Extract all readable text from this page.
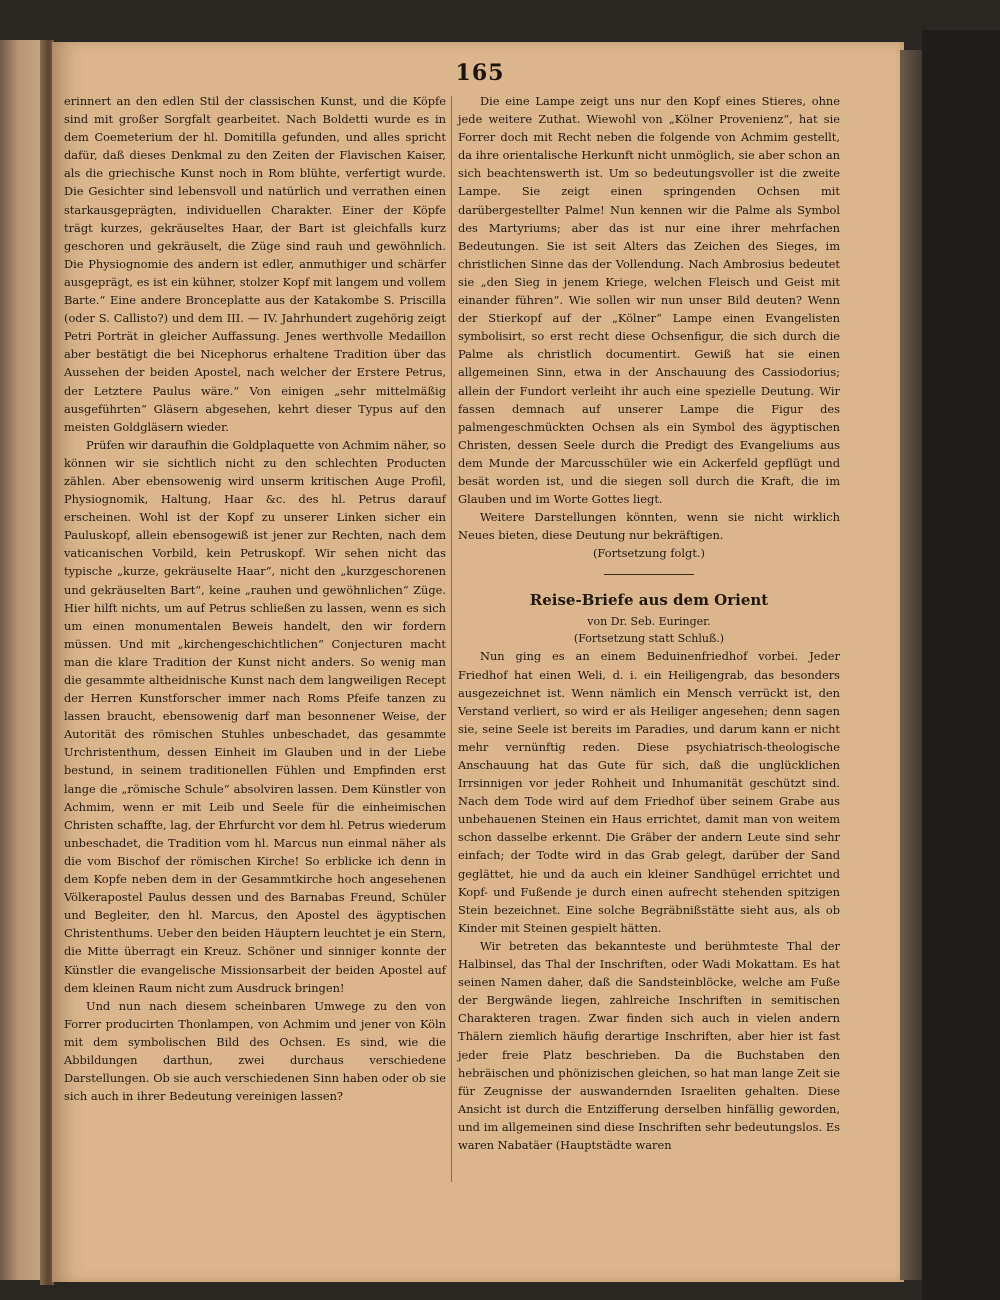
165

erinnert an den edlen Stil der classischen Kunst, und die Köpfe sind mit großer Sorgfalt gearbeitet. Nach Boldetti wurde es in dem Coemeterium der hl. Domitilla gefunden, und alles spricht dafür, daß dieses Denkmal zu den Zeiten der Flavischen Kaiser, als die griechische Kunst noch in Rom blühte, verfertigt wurde. Die Gesichter sind lebensvoll und natürlich und verrathen einen starkausgeprägten, individuellen Charakter. Einer der Köpfe trägt kurzes, gekräuseltes Haar, der Bart ist gleichfalls kurz geschoren und gekräuselt, die Züge sind rauh und gewöhnlich. Die Physiognomie des andern ist edler, anmuthiger und schärfer ausgeprägt, es ist ein kühner, stolzer Kopf mit langem und vollem Barte.“ Eine andere Bronceplatte aus der Katakombe S. Priscilla (oder S. Callisto?) und dem III. — IV. Jahrhundert zugehörig zeigt Petri Porträt in gleicher Auffassung. Jenes werthvolle Medaillon aber bestätigt die bei Nicephorus erhaltene Tradition über das Aussehen der beiden Apostel, nach welcher der Erstere Petrus, der Letztere Paulus wäre.“ Von einigen „sehr mittelmäßig ausgeführten“ Gläsern abgesehen, kehrt dieser Typus auf den meisten Goldgläsern wieder.

Prüfen wir daraufhin die Goldplaquette von Achmim näher, so können wir sie sichtlich nicht zu den schlechten Producten zählen. Aber ebensowenig wird unserm kritischen Auge Profil, Physiognomik, Haltung, Haar &c. des hl. Petrus darauf erscheinen. Wohl ist der Kopf zu unserer Linken sicher ein Pauluskopf, allein ebensogewiß ist jener zur Rechten, nach dem vaticanischen Vorbild, kein Petruskopf. Wir sehen nicht das typische „kurze, gekräuselte Haar“, nicht den „kurzgeschorenen und gekräuselten Bart“, keine „rauhen und gewöhnlichen“ Züge. Hier hilft nichts, um auf Petrus schließen zu lassen, wenn es sich um einen monumentalen Beweis handelt, den wir fordern müssen. Und mit „kirchengeschichtlichen“ Conjecturen macht man die klare Tradition der Kunst nicht anders. So wenig man die gesammte altheidnische Kunst nach dem langweiligen Recept der Herren Kunstforscher immer nach Roms Pfeife tanzen zu lassen braucht, ebensowenig darf man besonnener Weise, der Autorität des römischen Stuhles unbeschadet, das gesammte Urchristenthum, dessen Einheit im Glauben und in der Liebe bestund, in seinem traditionellen Fühlen und Empfinden erst lange die „römische Schule“ absolviren lassen. Dem Künstler von Achmim, wenn er mit Leib und Seele für die einheimischen Christen schaffte, lag, der Ehrfurcht vor dem hl. Petrus wiederum unbeschadet, die Tradition vom hl. Marcus nun einmal näher als die vom Bischof der römischen Kirche! So erblicke ich denn in dem Kopfe neben dem in der Gesammtkirche hoch angesehenen Völkerapostel Paulus dessen und des Barnabas Freund, Schüler und Begleiter, den hl. Marcus, den Apostel des ägyptischen Christenthums. Ueber den beiden Häuptern leuchtet je ein Stern, die Mitte überragt ein Kreuz. Schöner und sinniger konnte der Künstler die evangelische Missionsarbeit der beiden Apostel auf dem kleinen Raum nicht zum Ausdruck bringen!

Und nun nach diesem scheinbaren Umwege zu den von Forrer producirten Thonlampen, von Achmim und jener von Köln mit dem symbolischen Bild des Ochsen. Es sind, wie die Abbildungen darthun, zwei durchaus verschiedene Darstellungen. Ob sie auch verschiedenen Sinn haben oder ob sie sich auch in ihrer Bedeutung vereinigen lassen?

Die eine Lampe zeigt uns nur den Kopf eines Stieres, ohne jede weitere Zuthat. Wiewohl von „Kölner Provenienz“, hat sie Forrer doch mit Recht neben die folgende von Achmim gestellt, da ihre orientalische Herkunft nicht unmöglich, sie aber schon an sich beachtenswerth ist. Um so bedeutungsvoller ist die zweite Lampe. Sie zeigt einen springenden Ochsen mit darübergestellter Palme! Nun kennen wir die Palme als Symbol des Martyriums; aber das ist nur eine ihrer mehrfachen Bedeutungen. Sie ist seit Alters das Zeichen des Sieges, im christlichen Sinne das der Vollendung. Nach Ambrosius bedeutet sie „den Sieg in jenem Kriege, welchen Fleisch und Geist mit einander führen“. Wie sollen wir nun unser Bild deuten? Wenn der Stierkopf auf der „Kölner“ Lampe einen Evangelisten symbolisirt, so erst recht diese Ochsenfigur, die sich durch die Palme als christlich documentirt. Gewiß hat sie einen allgemeinen Sinn, etwa in der Anschauung des Cassiodorius; allein der Fundort verleiht ihr auch eine spezielle Deutung. Wir fassen demnach auf unserer Lampe die Figur des palmengeschmückten Ochsen als ein Symbol des ägyptischen Christen, dessen Seele durch die Predigt des Evangeliums aus dem Munde der Marcusschüler wie ein Ackerfeld gepflügt und besät worden ist, und die siegen soll durch die Kraft, die im Glauben und im Worte Gottes liegt.

Weitere Darstellungen könnten, wenn sie nicht wirklich Neues bieten, diese Deutung nur bekräftigen.

(Fortsetzung folgt.)

Reise-Briefe aus dem Orient
von Dr. Seb. Euringer.
(Fortsetzung statt Schluß.)

Nun ging es an einem Beduinenfriedhof vorbei. Jeder Friedhof hat einen Weli, d. i. ein Heiligengrab, das besonders ausgezeichnet ist. Wenn nämlich ein Mensch verrückt ist, den Verstand verliert, so wird er als Heiliger angesehen; denn sagen sie, seine Seele ist bereits im Paradies, und darum kann er nicht mehr vernünftig reden. Diese psychiatrisch-theologische Anschauung hat das Gute für sich, daß die unglücklichen Irrsinnigen vor jeder Rohheit und Inhumanität geschützt sind. Nach dem Tode wird auf dem Friedhof über seinem Grabe aus unbehauenen Steinen ein Haus errichtet, damit man von weitem schon dasselbe erkennt. Die Gräber der andern Leute sind sehr einfach; der Todte wird in das Grab gelegt, darüber der Sand geglättet, hie und da auch ein kleiner Sandhügel errichtet und Kopf- und Fußende je durch einen aufrecht stehenden spitzigen Stein bezeichnet. Eine solche Begräbnißstätte sieht aus, als ob Kinder mit Steinen gespielt hätten.

Wir betreten das bekannteste und berühmteste Thal der Halbinsel, das Thal der Inschriften, oder Wadi Mokattam. Es hat seinen Namen daher, daß die Sandsteinblöcke, welche am Fuße der Bergwände liegen, zahlreiche Inschriften in semitischen Charakteren tragen. Zwar finden sich auch in vielen andern Thälern ziemlich häufig derartige Inschriften, aber hier ist fast jeder freie Platz beschrieben. Da die Buchstaben den hebräischen und phönizischen gleichen, so hat man lange Zeit sie für Zeugnisse der auswandernden Israeliten gehalten. Diese Ansicht ist durch die Entzifferung derselben hinfällig geworden, und im allgemeinen sind diese Inschriften sehr bedeutungslos. Es waren Nabatäer (Hauptstädte waren
